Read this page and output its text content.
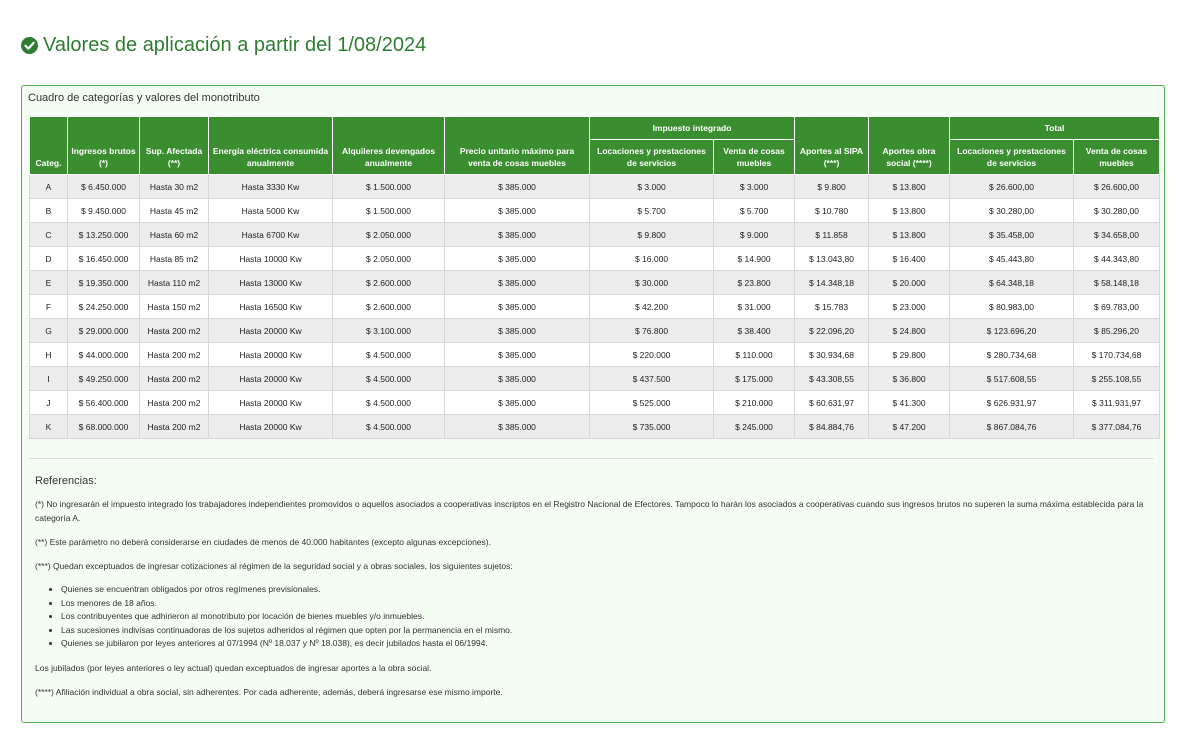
Valores de aplicación a partir del 1/08/2024
Cuadro de categorías y valores del monotributo
Categ.	Ingresos brutos (*)	Sup. Afectada (**)	Energía eléctrica consumida anualmente	Alquileres devengados anualmente	Precio unitario máximo para venta de cosas muebles	Impuesto integrado		Aportes al SIPA (***)	Aportes obra social (****)	Total	
						Locaciones y prestaciones de servicios	Venta de cosas muebles			Locaciones y prestaciones de servicios	Venta de cosas muebles
A	$ 6.450.000	Hasta 30 m2	Hasta 3330 Kw	$ 1.500.000	$ 385.000	$ 3.000	$ 3.000	$ 9.800	$ 13.800	$ 26.600,00	$ 26.600,00
B	$ 9.450.000	Hasta 45 m2	Hasta 5000 Kw	$ 1.500.000	$ 385.000	$ 5.700	$ 5.700	$ 10.780	$ 13.800	$ 30.280,00	$ 30.280,00
C	$ 13.250.000	Hasta 60 m2	Hasta 6700 Kw	$ 2.050.000	$ 385.000	$ 9.800	$ 9.000	$ 11.858	$ 13.800	$ 35.458,00	$ 34.658,00
D	$ 16.450.000	Hasta 85 m2	Hasta 10000 Kw	$ 2.050.000	$ 385.000	$ 16.000	$ 14.900	$ 13.043,80	$ 16.400	$ 45.443,80	$ 44.343,80
E	$ 19.350.000	Hasta 110 m2	Hasta 13000 Kw	$ 2.600.000	$ 385.000	$ 30.000	$ 23.800	$ 14.348,18	$ 20.000	$ 64.348,18	$ 58.148,18
F	$ 24.250.000	Hasta 150 m2	Hasta 16500 Kw	$ 2.600.000	$ 385.000	$ 42.200	$ 31.000	$ 15.783	$ 23.000	$ 80.983,00	$ 69.783,00
G	$ 29.000.000	Hasta 200 m2	Hasta 20000 Kw	$ 3.100.000	$ 385.000	$ 76.800	$ 38.400	$ 22.096,20	$ 24.800	$ 123.696,20	$ 85.296,20
H	$ 44.000.000	Hasta 200 m2	Hasta 20000 Kw	$ 4.500.000	$ 385.000	$ 220.000	$ 110.000	$ 30.934,68	$ 29.800	$ 280.734,68	$ 170.734,68
I	$ 49.250.000	Hasta 200 m2	Hasta 20000 Kw	$ 4.500.000	$ 385.000	$ 437.500	$ 175.000	$ 43.308,55	$ 36.800	$ 517.608,55	$ 255.108,55
J	$ 56.400.000	Hasta 200 m2	Hasta 20000 Kw	$ 4.500.000	$ 385.000	$ 525.000	$ 210.000	$ 60.631,97	$ 41.300	$ 626.931,97	$ 311.931,97
K	$ 68.000.000	Hasta 200 m2	Hasta 20000 Kw	$ 4.500.000	$ 385.000	$ 735.000	$ 245.000	$ 84.884,76	$ 47.200	$ 867.084,76	$ 377.084,76
Referencias:

(*) No ingresarán el impuesto integrado los trabajadores independientes promovidos o aquellos asociados a cooperativas inscriptos en el Registro Nacional de Efectores. Tampoco lo harán los asociados a cooperativas cuando sus ingresos brutos no superen la suma máxima establecida para la categoría A.

(**) Este parámetro no deberá considerarse en ciudades de menos de 40.000 habitantes (excepto algunas excepciones).

(***) Quedan exceptuados de ingresar cotizaciones al régimen de la seguridad social y a obras sociales, los siguientes sujetos:

• Quienes se encuentran obligados por otros regímenes previsionales.
• Los menores de 18 años.
• Los contribuyentes que adhirieron al monotributo por locación de bienes muebles y/o inmuebles.
• Las sucesiones indivisas continuadoras de los sujetos adheridos al régimen que opten por la permanencia en el mismo.
• Quienes se jubilaron por leyes anteriores al 07/1994 (Nº 18.037 y Nº 18.038), es decir jubilados hasta el 06/1994.

Los jubilados (por leyes anteriores o ley actual) quedan exceptuados de ingresar aportes a la obra social.

(****) Afiliación individual a obra social, sin adherentes. Por cada adherente, además, deberá ingresarse ese mismo importe.
